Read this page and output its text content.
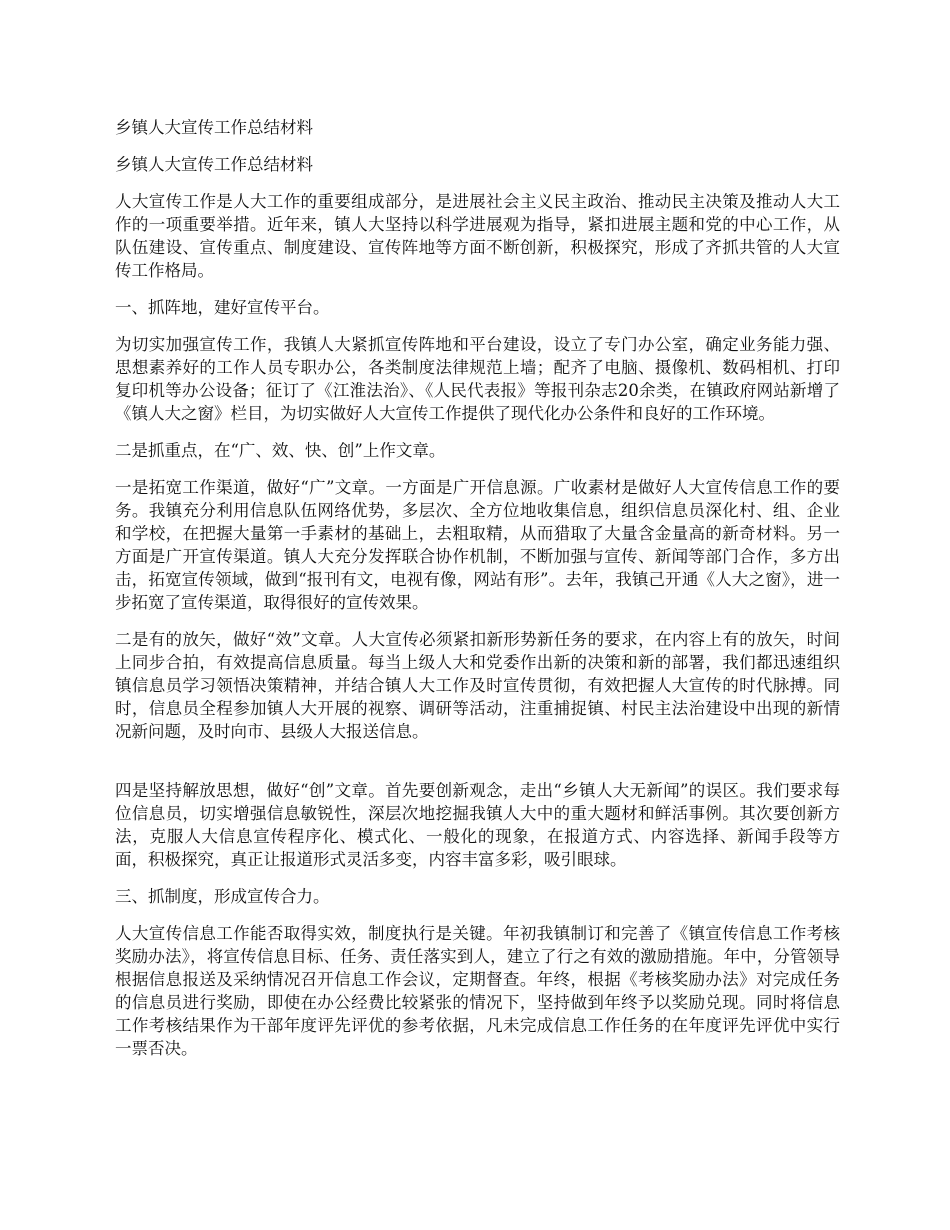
乡镇人大宣传工作总结材料

乡镇人大宣传工作总结材料

人大宣传工作是人大工作的重要组成部分，是进展社会主义民主政治、推动民主决策及推动人大工作的一项重要举措。近年来，镇人大坚持以科学进展观为指导，紧扣进展主题和党的中心工作，从队伍建设、宣传重点、制度建设、宣传阵地等方面不断创新，积极探究，形成了齐抓共管的人大宣传工作格局。

一、抓阵地，建好宣传平台。

为切实加强宣传工作，我镇人大紧抓宣传阵地和平台建设，设立了专门办公室，确定业务能力强、思想素养好的工作人员专职办公，各类制度法律规范上墙；配齐了电脑、摄像机、数码相机、打印复印机等办公设备；征订了《江淮法治》、《人民代表报》等报刊杂志20余类，在镇政府网站新增了《镇人大之窗》栏目，为切实做好人大宣传工作提供了现代化办公条件和良好的工作环境。

二是抓重点，在“广、效、快、创”上作文章。

一是拓宽工作渠道，做好“广”文章。一方面是广开信息源。广收素材是做好人大宣传信息工作的要务。我镇充分利用信息队伍网络优势，多层次、全方位地收集信息，组织信息员深化村、组、企业和学校，在把握大量第一手素材的基础上，去粗取精，从而猎取了大量含金量高的新奇材料。另一方面是广开宣传渠道。镇人大充分发挥联合协作机制，不断加强与宣传、新闻等部门合作，多方出击，拓宽宣传领域，做到“报刊有文，电视有像，网站有形”。去年，我镇己开通《人大之窗》，进一步拓宽了宣传渠道，取得很好的宣传效果。

二是有的放矢，做好“效”文章。人大宣传必须紧扣新形势新任务的要求，在内容上有的放矢，时间上同步合拍，有效提高信息质量。每当上级人大和党委作出新的决策和新的部署，我们都迅速组织镇信息员学习领悟决策精神，并结合镇人大工作及时宣传贯彻，有效把握人大宣传的时代脉搏。同时，信息员全程参加镇人大开展的视察、调研等活动，注重捕捉镇、村民主法治建设中出现的新情况新问题，及时向市、县级人大报送信息。

四是坚持解放思想，做好“创”文章。首先要创新观念，走出“乡镇人大无新闻”的误区。我们要求每位信息员，切实增强信息敏锐性，深层次地挖掘我镇人大中的重大题材和鲜活事例。其次要创新方法，克服人大信息宣传程序化、模式化、一般化的现象，在报道方式、内容选择、新闻手段等方面，积极探究，真正让报道形式灵活多变，内容丰富多彩，吸引眼球。

三、抓制度，形成宣传合力。

人大宣传信息工作能否取得实效，制度执行是关键。年初我镇制订和完善了《镇宣传信息工作考核奖励办法》，将宣传信息目标、任务、责任落实到人，建立了行之有效的激励措施。年中，分管领导根据信息报送及采纳情况召开信息工作会议，定期督查。年终，根据《考核奖励办法》对完成任务的信息员进行奖励，即使在办公经费比较紧张的情况下，坚持做到年终予以奖励兑现。同时将信息工作考核结果作为干部年度评先评优的参考依据，凡未完成信息工作任务的在年度评先评优中实行一票否决。
